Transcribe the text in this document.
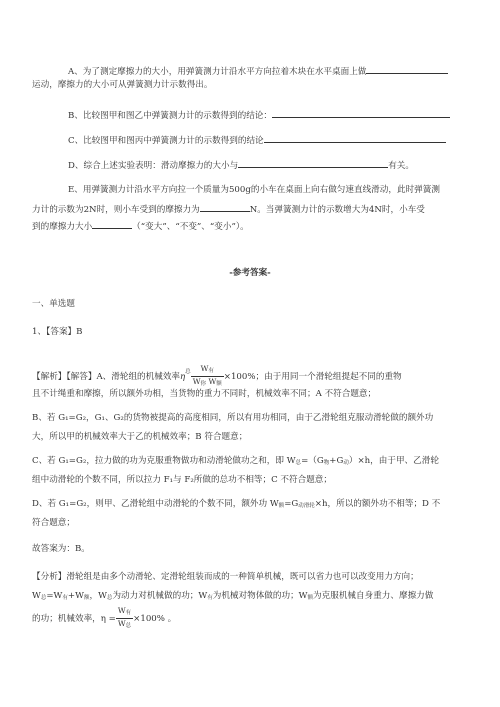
A、为了测定摩擦力的大小，用弹簧测力计沿水平方向拉着木块在水平桌面上做
运动，摩擦力的大小可从弹簧测力计示数得出。
B、比较图甲和图乙中弹簧测力计的示数得到的结论：
C、比较图甲和图丙中弹簧测力计的示数得到的结论
D、综合上述实验表明：滑动摩擦力的大小与	有关。
E、用弹簧测力计沿水平方向拉一个质量为500g的小车在桌面上向右做匀速直线滑动，此时弹簧测
力计的示数为2N时，则小车受到的摩擦力为	N。当弹簧测力计的示数增大为4N时，小车受
到的摩擦力大小	（“变大”、“不变”、“变小”）。
-参考答案-
一、单选题
1、【答案】B
【解析】【解答】A、滑轮组的机械效率$\eta^总 \frac{\text{W有}}{\text{W你 W额}} \times 100\%$；由于用同一个滑轮组提起不同的重物
且不计绳重和摩擦，所以额外功相，当货物的重力不同时，机械效率不同；A 不符合题意；
B、若 G₁=G₂，G₁、G₂的货物被提高的高度相同，所以有用功相同，由于乙滑轮组克服动滑轮做的额外功
大，所以甲的机械效率大于乙的机械效率；B 符合题意；
C、若 G₁=G₂，拉力做的功为克服重物做功和动滑轮做功之和，即 W总=（G物+G动）×h，由于甲、乙滑轮
组中动滑轮的个数不同，所以拉力 F₁与 F₂所做的总功不相等；C 不符合题意；
D、若 G₁=G₂，则甲、乙滑轮组中动滑轮的个数不同，额外功 W额=G动滑轮×h，所以的额外功不相等；D 不
符合题意；
故答案为：B。
【分析】滑轮组是由多个动滑轮、定滑轮组装而成的一种简单机械，既可以省力也可以改变用力方向；
W总=W有+W额，W总为动力对机械做的功；W有为机械对物体做的功；W额为克服机械自身重力、摩擦力做
的功；机械效率，$\eta = \frac{\text{W有}}{\text{W总}} \times 100\%$ 。
